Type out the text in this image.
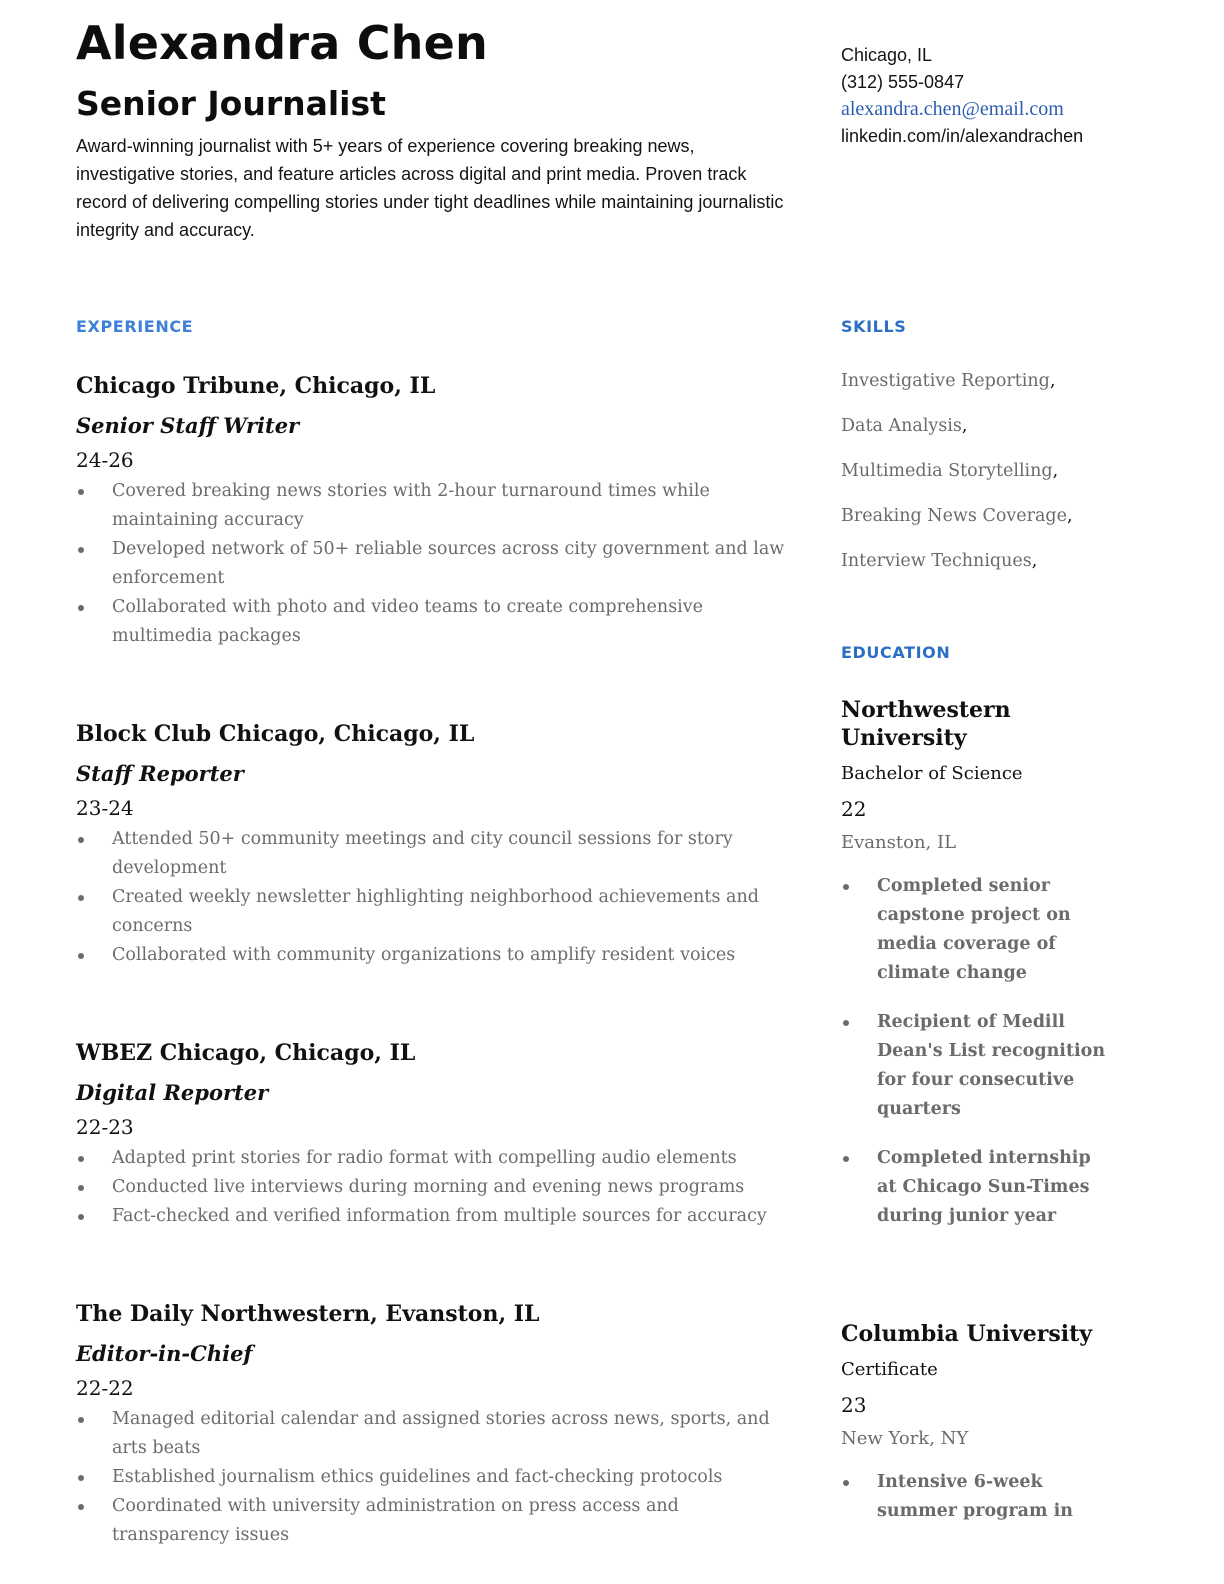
Alexandra Chen
Senior Journalist

Award-winning journalist with 5+ years of experience covering breaking news, investigative stories, and feature articles across digital and print media. Proven track record of delivering compelling stories under tight deadlines while maintaining journalistic integrity and accuracy.

Chicago, IL
(312) 555-0847
alexandra.chen@email.com
linkedin.com/in/alexandrachen
EXPERIENCE

Chicago Tribune, Chicago, IL

Senior Staff Writer

24-26

Covered breaking news stories with 2-hour turnaround times while maintaining accuracy
Developed network of 50+ reliable sources across city government and law enforcement
Collaborated with photo and video teams to create comprehensive multimedia packages

Block Club Chicago, Chicago, IL

Staff Reporter

23-24

Attended 50+ community meetings and city council sessions for story development
Created weekly newsletter highlighting neighborhood achievements and concerns
Collaborated with community organizations to amplify resident voices

WBEZ Chicago, Chicago, IL

Digital Reporter

22-23

Adapted print stories for radio format with compelling audio elements
Conducted live interviews during morning and evening news programs
Fact-checked and verified information from multiple sources for accuracy

The Daily Northwestern, Evanston, IL

Editor-in-Chief

22-22

Managed editorial calendar and assigned stories across news, sports, and arts beats
Established journalism ethics guidelines and fact-checking protocols
Coordinated with university administration on press access and transparency issues
SKILLS
Investigative Reporting,
Data Analysis,
Multimedia Storytelling,
Breaking News Coverage,
Interview Techniques,
EDUCATION

Northwestern University

Bachelor of Science

22

Evanston, IL

Completed senior capstone project on media coverage of climate change
Recipient of Medill Dean's List recognition for four consecutive quarters
Completed internship at Chicago Sun-Times during junior year

Columbia University

Certificate

23

New York, NY

Intensive 6-week summer program in
